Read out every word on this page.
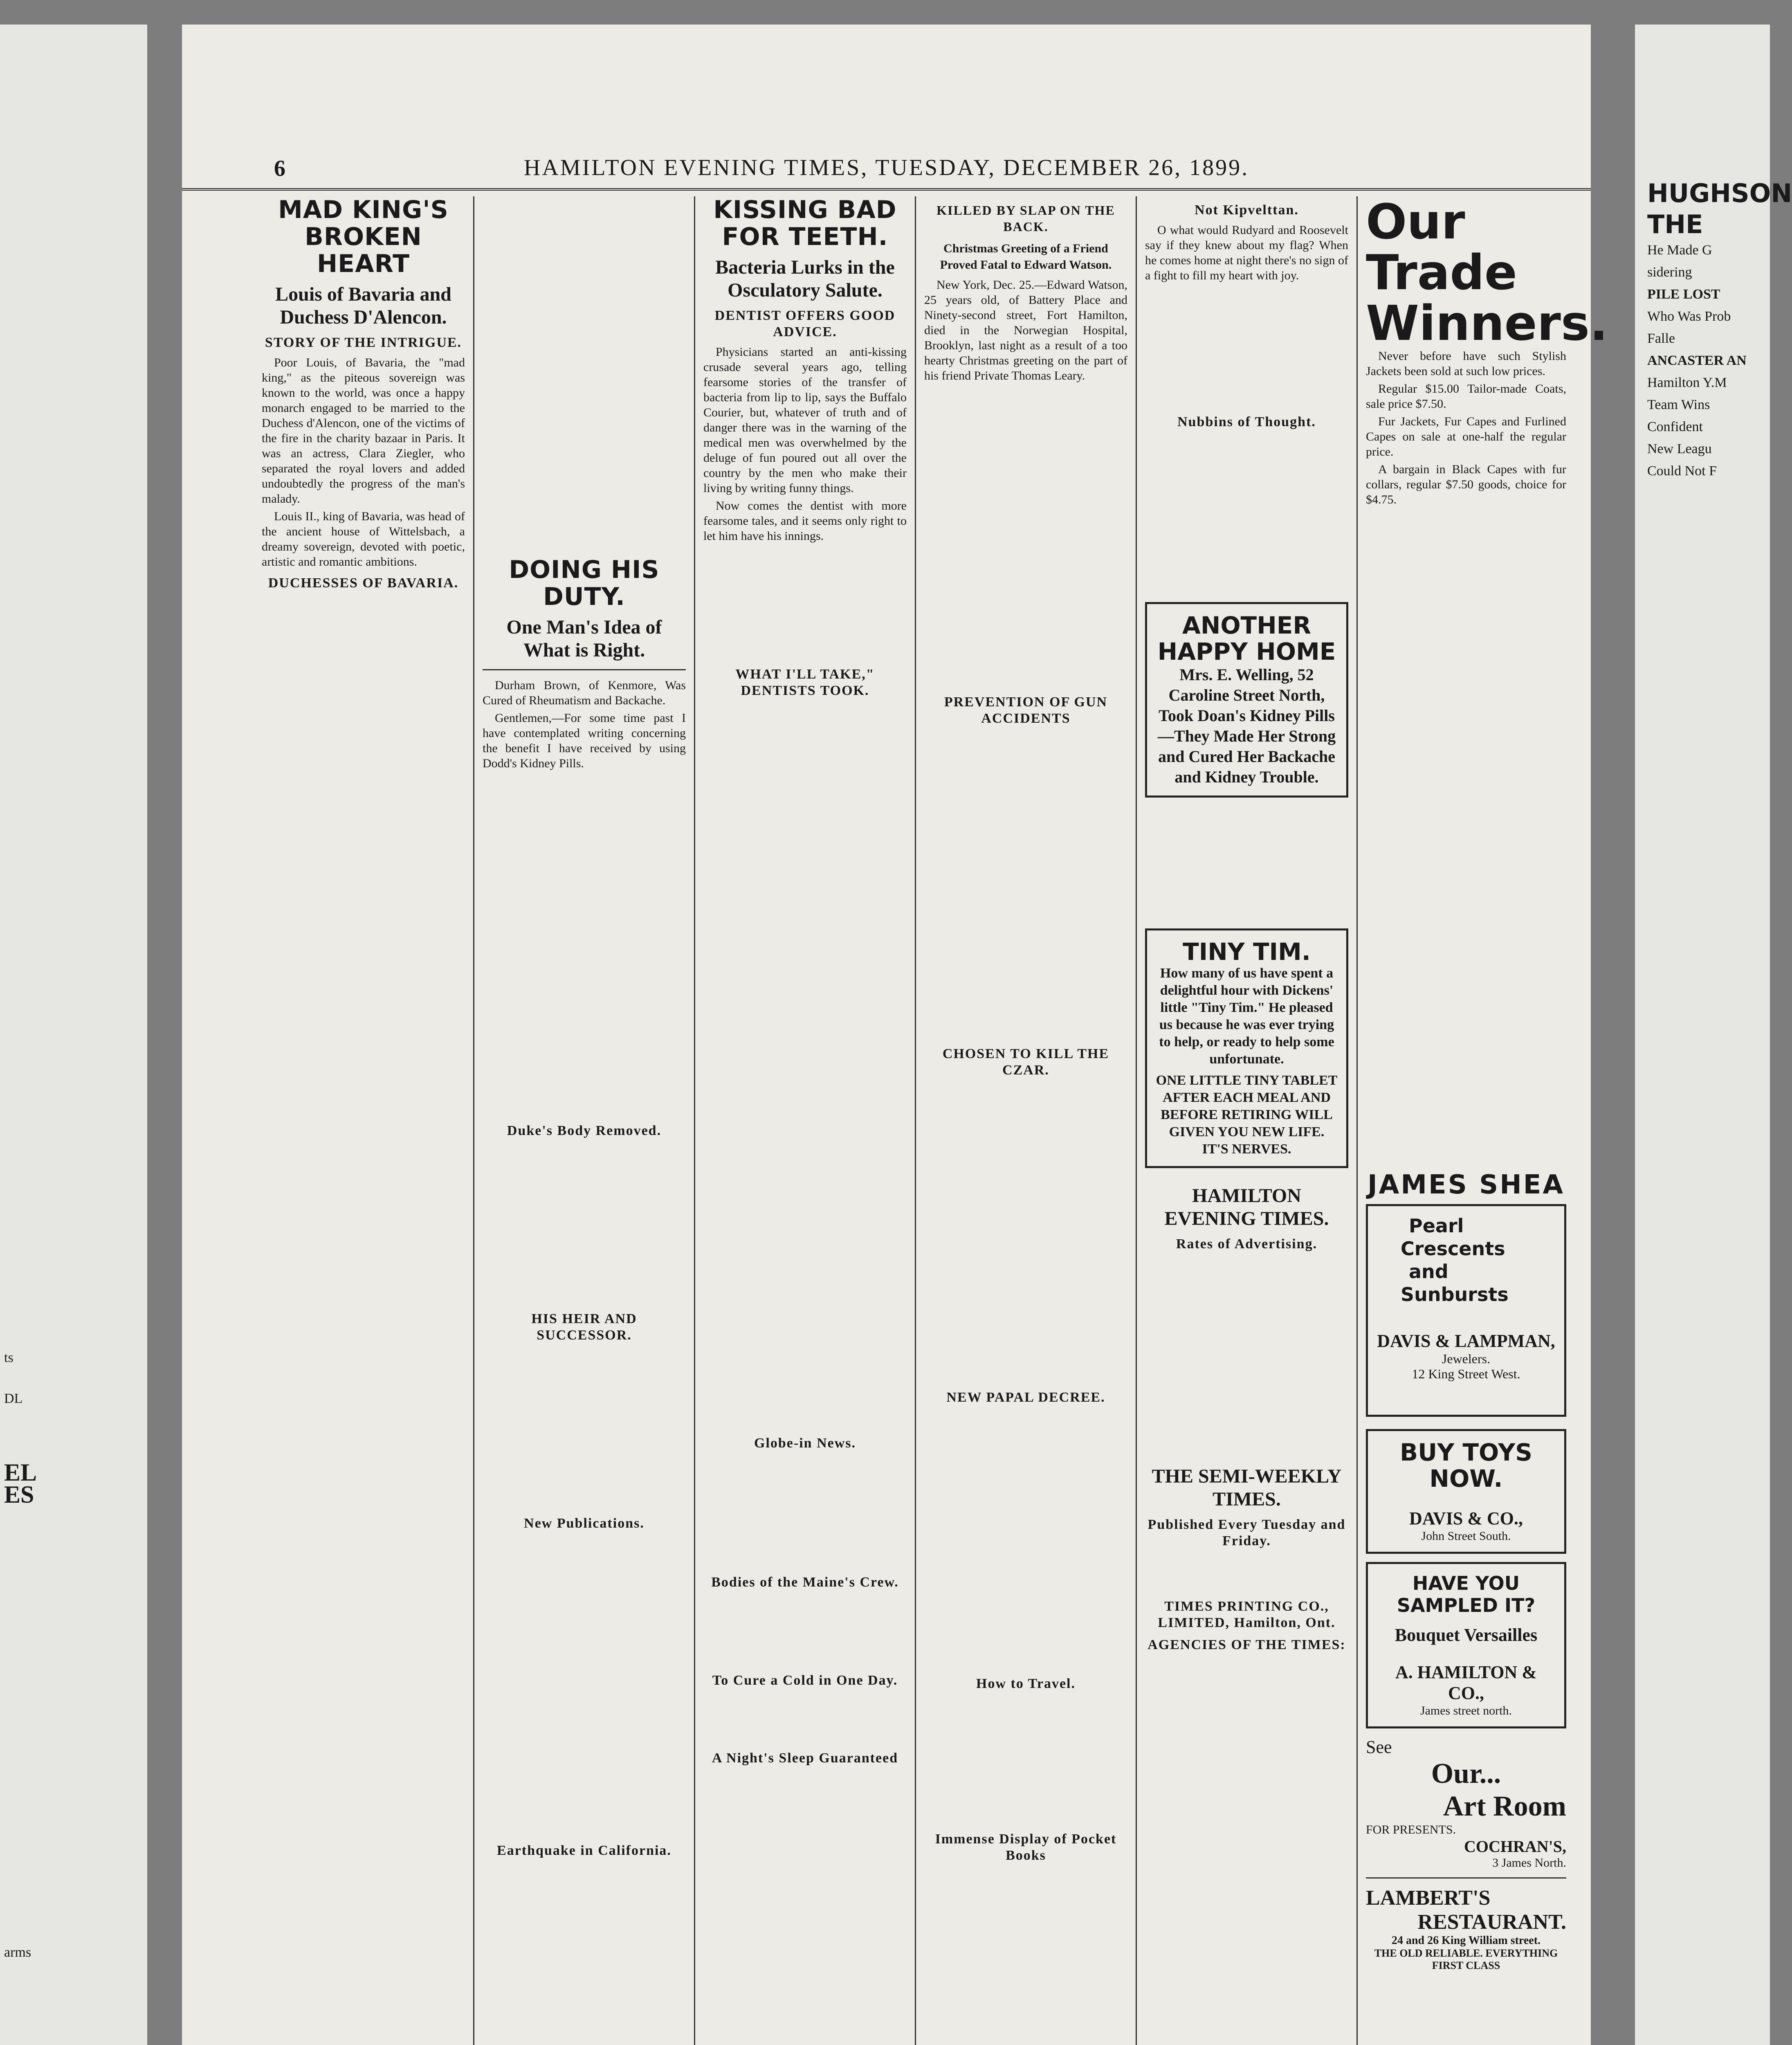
ts

DL

EL

ES

arms

HUGHSON
THE

He Made G

sidering

PILE LOST

Who Was Prob

Falle

ANCASTER AN

Hamilton Y.M

Team Wins

Confident

New Leagu

Could Not F

6	HAMILTON EVENING TIMES, TUESDAY, DECEMBER 26, 1899.
MAD KING'S BROKEN HEART
Louis of Bavaria and Duchess D'Alencon.
STORY OF THE INTRIGUE.

Poor Louis, of Bavaria, the "mad king," as the piteous sovereign was known to the world, was once a happy monarch engaged to be married to the Duchess d'Alencon, one of the victims of the fire in the charity bazaar in Paris. It was an actress, Clara Ziegler, who separated the royal lovers and added undoubtedly the progress of the man's malady.

Louis II., king of Bavaria, was head of the ancient house of Wittelsbach, a dreamy sovereign, devoted with poetic, artistic and romantic ambitions.

DUCHESSES OF BAVARIA.	DOING HIS DUTY.
One Man's Idea of What is Right.

Durham Brown, of Kenmore, Was Cured of Rheumatism and Backache.

Gentlemen,—For some time past I have contemplated writing concerning the benefit I have received by using Dodd's Kidney Pills.

Duke's Body Removed.
HIS HEIR AND SUCCESSOR.
New Publications.
Earthquake in California.
KISSING BAD FOR TEETH.
Bacteria Lurks in the Osculatory Salute.
DENTIST OFFERS GOOD ADVICE.

Physicians started an anti-kissing crusade several years ago, telling fearsome stories of the transfer of bacteria from lip to lip, says the Buffalo Courier, but, whatever of truth and of danger there was in the warning of the medical men was overwhelmed by the deluge of fun poured out all over the country by the men who make their living by writing funny things.

Now comes the dentist with more fearsome tales, and it seems only right to let him have his innings.

WHAT I'LL TAKE," DENTISTS TOOK.
Globe-in News.
Bodies of the Maine's Crew.
To Cure a Cold in One Day.
A Night's Sleep Guaranteed
KILLED BY SLAP ON THE BACK.
Christmas Greeting of a Friend Proved Fatal to Edward Watson.

New York, Dec. 25.—Edward Watson, 25 years old, of Battery Place and Ninety-second street, Fort Hamilton, died in the Norwegian Hospital, Brooklyn, last night as a result of a too hearty Christmas greeting on the part of his friend Private Thomas Leary.

PREVENTION OF GUN ACCIDENTS
CHOSEN TO KILL THE CZAR.
NEW PAPAL DECREE.
How to Travel.
Immense Display of Pocket Books
Not Kipvelttan.

O what would Rudyard and Roosevelt say if they knew about my flag? When he comes home at night there's no sign of a fight to fill my heart with joy.

Nubbins of Thought.
ANOTHER HAPPY HOME
Mrs. E. Welling, 52 Caroline Street North, Took Doan's Kidney Pills—They Made Her Strong and Cured Her Backache and Kidney Trouble.
TINY TIM.
How many of us have spent a delightful hour with Dickens' little "Tiny Tim." He pleased us because he was ever trying to help, or ready to help some unfortunate.
ONE LITTLE TINY TABLET AFTER EACH MEAL AND BEFORE RETIRING WILL GIVEN YOU NEW LIFE. IT'S NERVES.
HAMILTON EVENING TIMES.
Rates of Advertising.
THE SEMI-WEEKLY TIMES.
Published Every Tuesday and Friday.
TIMES PRINTING CO., LIMITED, Hamilton, Ont.
AGENCIES OF THE TIMES:
Our Trade Winners.

Never before have such Stylish Jackets been sold at such low prices.

Regular $15.00 Tailor-made Coats, sale price $7.50.

Fur Jackets, Fur Capes and Furlined Capes on sale at one-half the regular price.

A bargain in Black Capes with fur collars, regular $7.50 goods, choice for $4.75.

JAMES SHEA
Pearl
Crescents
and
Sunbursts
DAVIS & LAMPMAN,
Jewelers.
12 King Street West.
BUY TOYS NOW.
DAVIS & CO.,
John Street South.
HAVE YOU SAMPLED IT?
Bouquet Versailles
A. HAMILTON & CO.,
James street north.
See
Our...
Art Room
FOR PRESENTS.
COCHRAN'S,
3 James North.
LAMBERT'S
RESTAURANT.
24 and 26 King William street.
THE OLD RELIABLE. EVERYTHING FIRST CLASS
